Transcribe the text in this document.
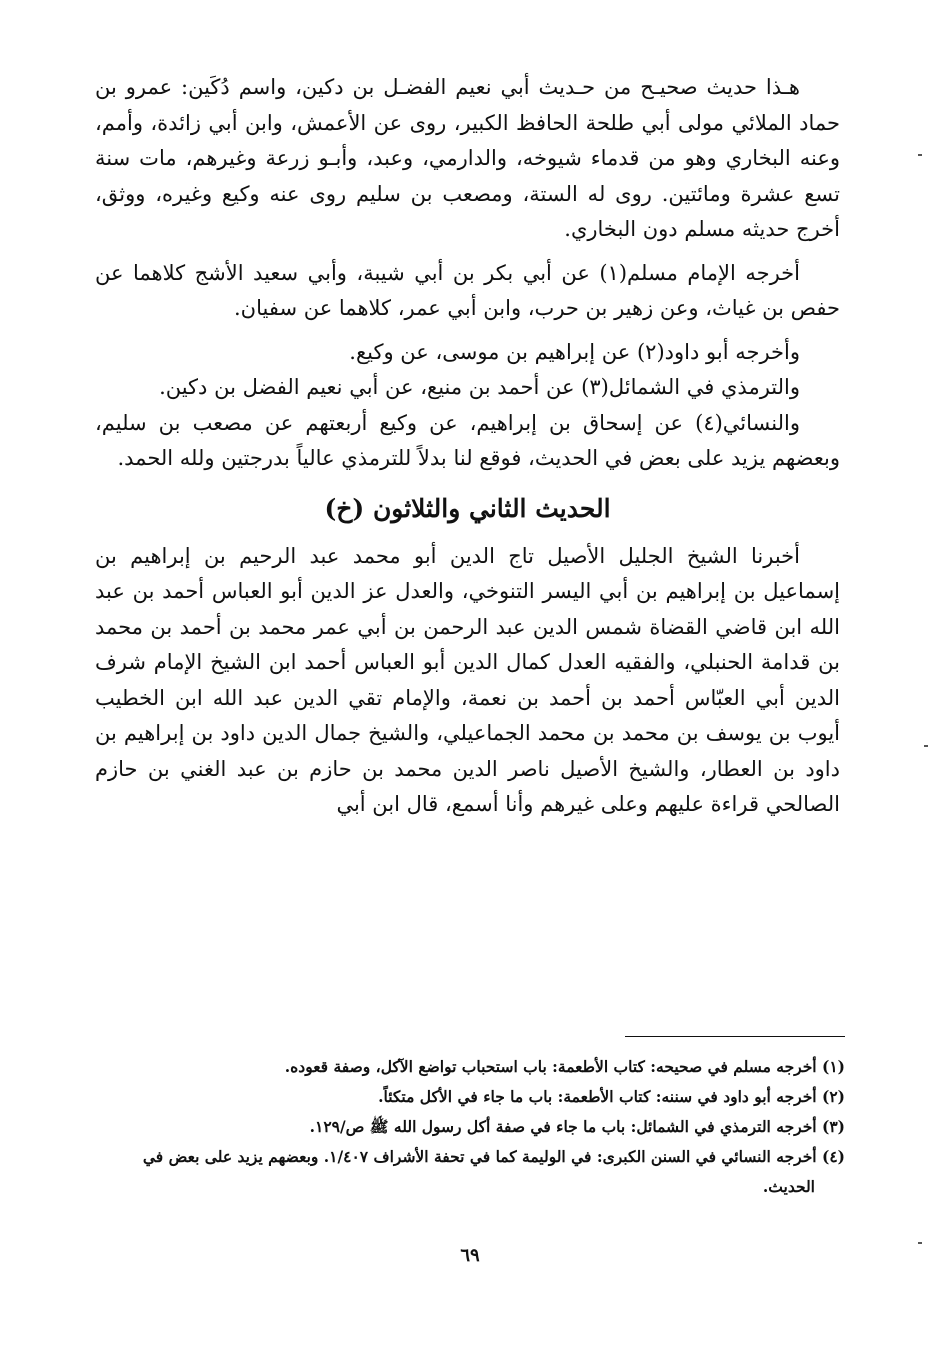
هـذا حديث صحيـح من حـديث أبي نعيم الفضـل بن دكين، واسم دُكَين: عمرو بن حماد الملائي مولى أبي طلحة الحافظ الكبير، روى عن الأعمش، وابن أبي زائدة، وأمم، وعنه البخاري وهو من قدماء شيوخه، والدارمي، وعبد، وأبـو زرعة وغيرهم، مات سنة تسع عشرة ومائتين. روى له الستة، ومصعب بن سليم روى عنه وكيع وغيره، ووثق، أخرج حديثه مسلم دون البخاري.

أخرجه الإمام مسلم(١) عن أبي بكر بن أبي شيبة، وأبي سعيد الأشج كلاهما عن حفص بن غياث، وعن زهير بن حرب، وابن أبي عمر، كلاهما عن سفيان.

وأخرجه أبو داود(٢) عن إبراهيم بن موسى، عن وكيع.

والترمذي في الشمائل(٣) عن أحمد بن منيع، عن أبي نعيم الفضل بن دكين.

والنسائي(٤) عن إسحاق بن إبراهيم، عن وكيع أربعتهم عن مصعب بن سليم، وبعضهم يزيد على بعض في الحديث، فوقع لنا بدلاً للترمذي عالياً بدرجتين ولله الحمد.

الحديث الثاني والثلاثون (خ)

أخبرنا الشيخ الجليل الأصيل تاج الدين أبو محمد عبد الرحيم بن إبراهيم بن إسماعيل بن إبراهيم بن أبي اليسر التنوخي، والعدل عز الدين أبو العباس أحمد بن عبد الله ابن قاضي القضاة شمس الدين عبد الرحمن بن أبي عمر محمد بن أحمد بن محمد بن قدامة الحنبلي، والفقيه العدل كمال الدين أبو العباس أحمد ابن الشيخ الإمام شرف الدين أبي العبّاس أحمد بن أحمد بن نعمة، والإمام تقي الدين عبد الله ابن الخطيب أيوب بن يوسف بن محمد بن محمد الجماعيلي، والشيخ جمال الدين داود بن إبراهيم بن داود بن العطار، والشيخ الأصيل ناصر الدين محمد بن حازم بن عبد الغني بن حازم الصالحي قراءة عليهم وعلى غيرهم وأنا أسمع، قال ابن أبي

(١) أخرجه مسلم في صحيحه: كتاب الأطعمة: باب استحباب تواضع الآكل، وصفة قعوده.

(٢) أخرجه أبو داود في سننه: كتاب الأطعمة: باب ما جاء في الأكل متكئاً.

(٣) أخرجه الترمذي في الشمائل: باب ما جاء في صفة أكل رسول الله ﷺ ص/١٢٩.

(٤) أخرجه النسائي في السنن الكبرى: في الوليمة كما في تحفة الأشراف ١/٤٠٧. وبعضهم يزيد على بعض في

الحديث.

٦٩
